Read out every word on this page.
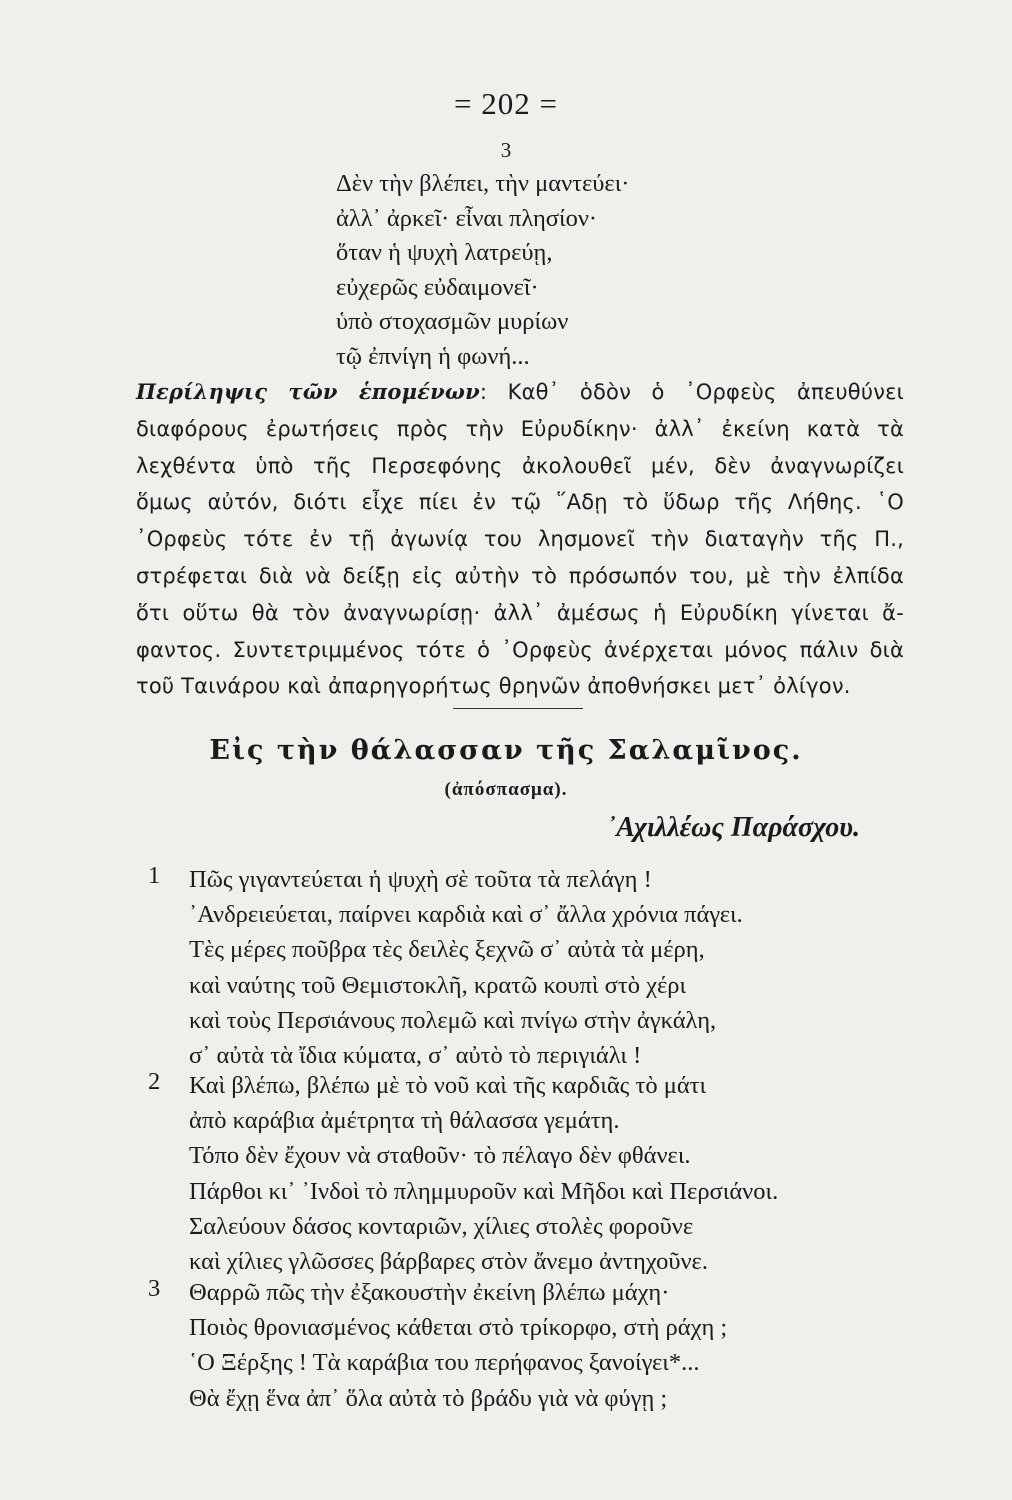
= 202 =
3
Δὲν τὴν βλέπει, τὴν μαντεύει·
ἀλλ᾽ ἀρκεῖ· εἶναι πλησίον·
ὅταν ἡ ψυχὴ λατρεύῃ,
εὐχερῶς εὐδαιμονεῖ·
ὑπὸ στοχασμῶν μυρίων
τῷ ἐπνίγη ἡ φωνή...
Περίληψις τῶν ἑπομένων: Καθ᾽ ὁδὸν ὁ ᾿Ορφεὺς ἀπευθύνει
διαφόρους ἐρωτήσεις πρὸς τὴν Εὐρυδίκην· ἀλλ᾽ ἐκείνη κατὰ τὰ
λεχθέντα ὑπὸ τῆς Περσεφόνης ἀκολουθεῖ μέν, δὲν ἀναγνωρίζει
ὅμως αὐτόν, διότι εἶχε πίει ἐν τῷ ῞Αδῃ τὸ ὕδωρ τῆς Λήθης. ῾Ο
᾿Ορφεὺς τότε ἐν τῇ ἀγωνίᾳ του λησμονεῖ τὴν διαταγὴν τῆς Π.,
στρέφεται διὰ νὰ δείξῃ εἰς αὐτὴν τὸ πρόσωπόν του, μὲ τὴν ἐλπίδα
ὅτι οὕτω θὰ τὸν ἀναγνωρίσῃ· ἀλλ᾽ ἀμέσως ἡ Εὐρυδίκη γίνεται ἄ-
φαντος. Συντετριμμένος τότε ὁ ᾿Ορφεὺς ἀνέρχεται μόνος πάλιν διὰ
τοῦ Ταινάρου καὶ ἀπαρηγορήτως θρηνῶν ἀποθνήσκει μετ᾽ ὀλίγον.
Εἰς τὴν θάλασσαν τῆς Σαλαμῖνος.
(ἀπόσπασμα).
᾿Αχιλλέως Παράσχου.
1 Πῶς γιγαντεύεται ἡ ψυχὴ σὲ τοῦτα τὰ πελάγη !
᾿Ανδρειεύεται, παίρνει καρδιὰ καὶ σ᾽ ἄλλα χρόνια πάγει.
Τὲς μέρες ποῦβρα τὲς δειλὲς ξεχνῶ σ᾽ αὐτὰ τὰ μέρη,
καὶ ναύτης τοῦ Θεμιστοκλῆ, κρατῶ κουπὶ στὸ χέρι
καὶ τοὺς Περσιάνους πολεμῶ καὶ πνίγω στὴν ἀγκάλη,
σ᾽ αὐτὰ τὰ ἴδια κύματα, σ᾽ αὐτὸ τὸ περιγιάλι !
2 Καὶ βλέπω, βλέπω μὲ τὸ νοῦ καὶ τῆς καρδιᾶς τὸ μάτι
ἀπὸ καράβια ἀμέτρητα τὴ θάλασσα γεμάτη.
Τόπο δὲν ἔχουν νὰ σταθοῦν· τὸ πέλαγο δὲν φθάνει.
Πάρθοι κι᾽ ᾿Ινδοὶ τὸ πλημμυροῦν καὶ Μῆδοι καὶ Περσιάνοι.
Σαλεύουν δάσος κονταριῶν, χίλιες στολὲς φοροῦνε
καὶ χίλιες γλῶσσες βάρβαρες στὸν ἄνεμο ἀντηχοῦνε.
3 Θαρρῶ πῶς τὴν ἐξακουστὴν ἐκείνη βλέπω μάχη·
Ποιὸς θρονιασμένος κάθεται στὸ τρίκορφο, στὴ ράχη ;
῾Ο Ξέρξης ! Τὰ καράβια του περήφανος ξανοίγει*...
Θὰ ἔχῃ ἕνα ἀπ᾽ ὅλα αὐτὰ τὸ βράδυ γιὰ νὰ φύγῃ ;
